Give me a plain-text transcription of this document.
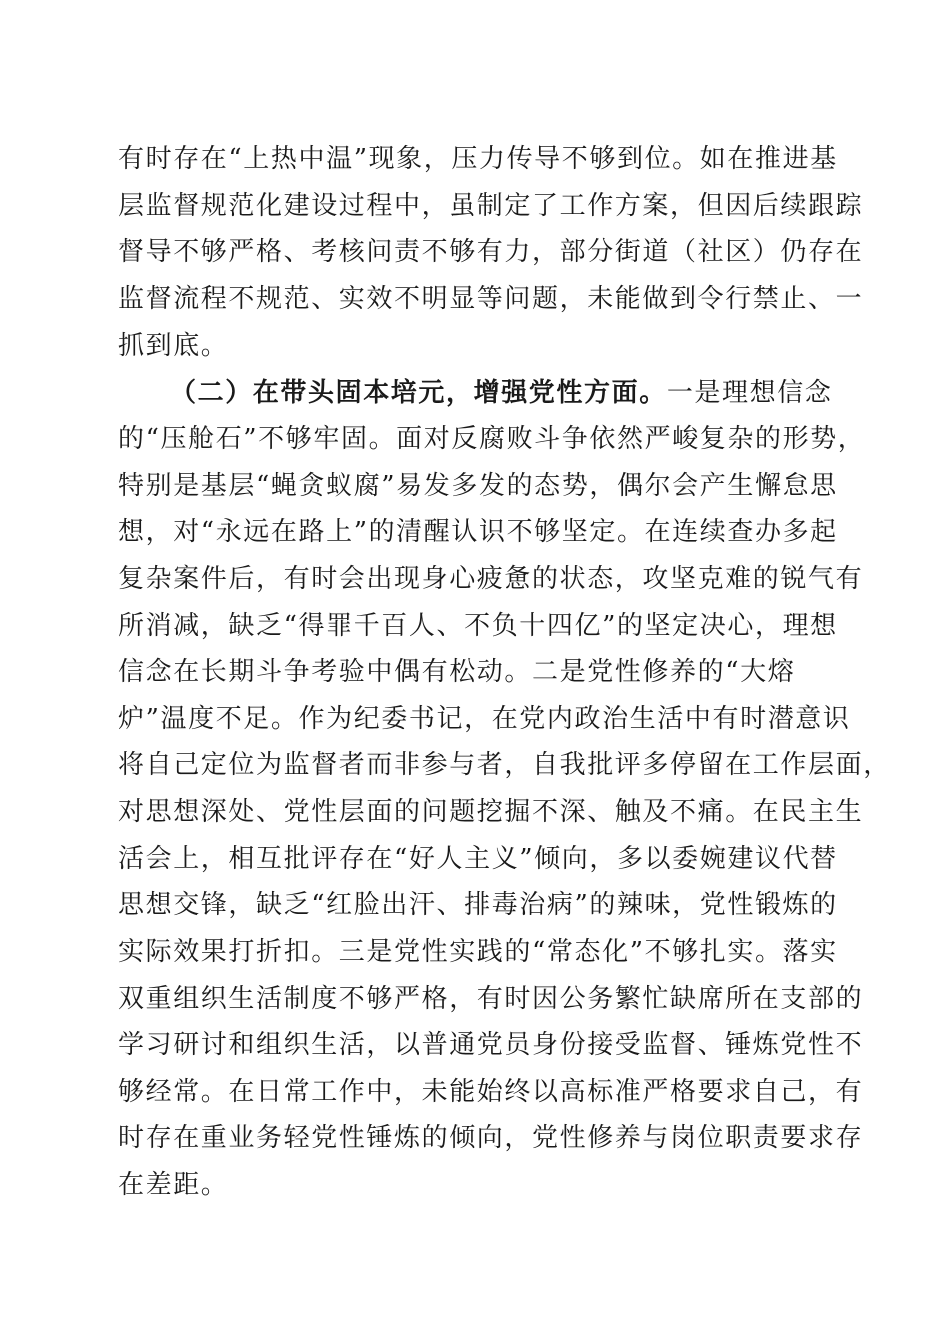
有时存在“上热中温”现象，压力传导不够到位。如在推进基
层监督规范化建设过程中，虽制定了工作方案，但因后续跟踪
督导不够严格、考核问责不够有力，部分街道（社区）仍存在
监督流程不规范、实效不明显等问题，未能做到令行禁止、一
抓到底。
（二）在带头固本培元，增强党性方面。一是理想信念
的“压舱石”不够牢固。面对反腐败斗争依然严峻复杂的形势，
特别是基层“蝇贪蚁腐”易发多发的态势，偶尔会产生懈怠思
想，对“永远在路上”的清醒认识不够坚定。在连续查办多起
复杂案件后，有时会出现身心疲惫的状态，攻坚克难的锐气有
所消减，缺乏“得罪千百人、不负十四亿”的坚定决心，理想
信念在长期斗争考验中偶有松动。二是党性修养的“大熔
炉”温度不足。作为纪委书记，在党内政治生活中有时潜意识
将自己定位为监督者而非参与者，自我批评多停留在工作层面，
对思想深处、党性层面的问题挖掘不深、触及不痛。在民主生
活会上，相互批评存在“好人主义”倾向，多以委婉建议代替
思想交锋，缺乏“红脸出汗、排毒治病”的辣味，党性锻炼的
实际效果打折扣。三是党性实践的“常态化”不够扎实。落实
双重组织生活制度不够严格，有时因公务繁忙缺席所在支部的
学习研讨和组织生活，以普通党员身份接受监督、锤炼党性不
够经常。在日常工作中，未能始终以高标准严格要求自己，有
时存在重业务轻党性锤炼的倾向，党性修养与岗位职责要求存
在差距。
